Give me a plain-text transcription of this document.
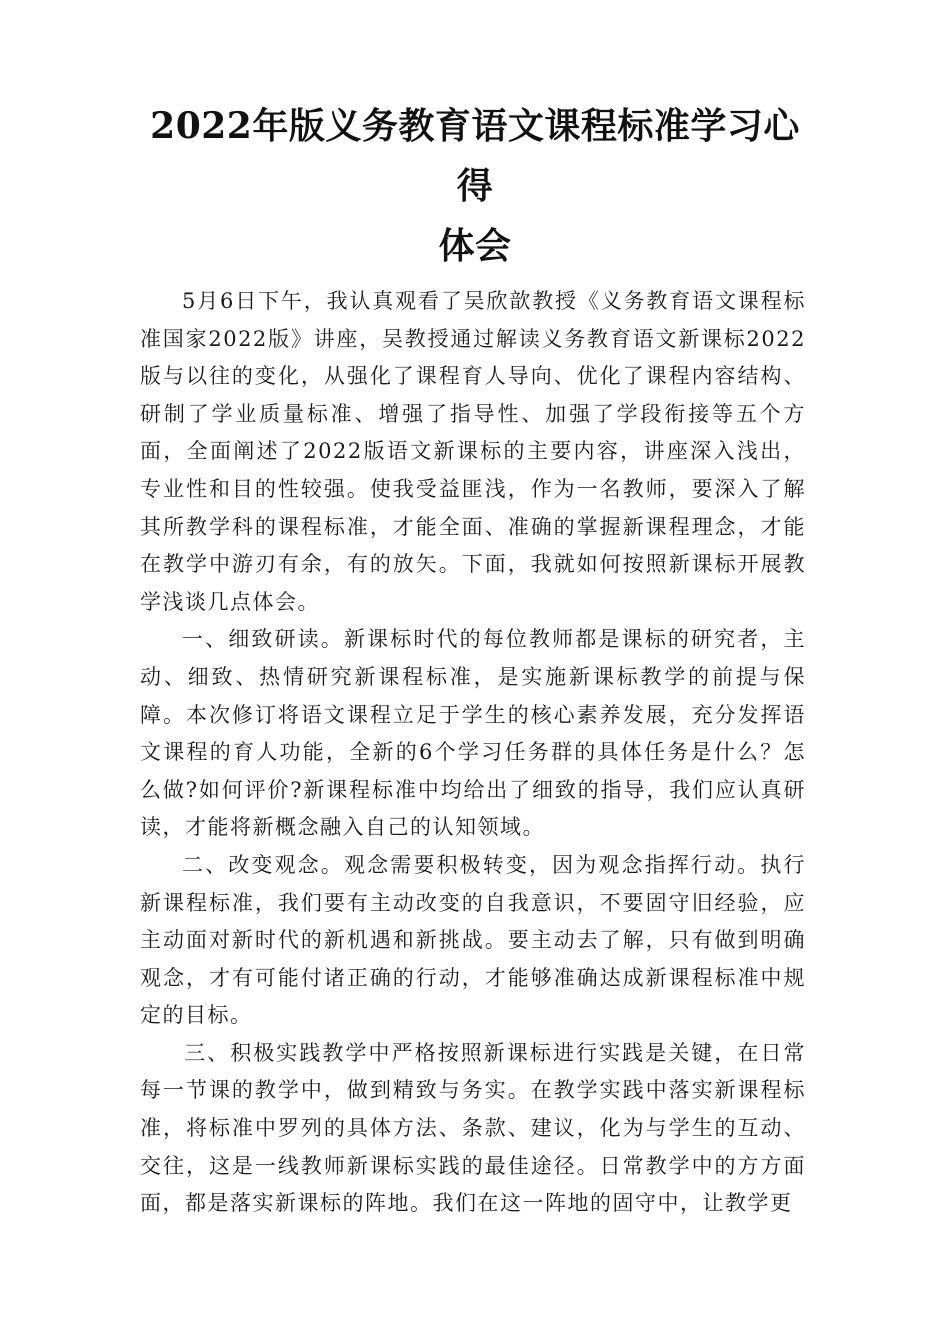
2022年版义务教育语文课程标准学习心得
体会

5月6日下午，我认真观看了吴欣歆教授《义务教育语文课程标准国家2022版》讲座，吴教授通过解读义务教育语文新课标2022版与以往的变化，从强化了课程育人导向、优化了课程内容结构、研制了学业质量标准、增强了指导性、加强了学段衔接等五个方面，全面阐述了2022版语文新课标的主要内容，讲座深入浅出，专业性和目的性较强。使我受益匪浅，作为一名教师，要深入了解其所教学科的课程标准，才能全面、准确的掌握新课程理念，才能在教学中游刃有余，有的放矢。下面，我就如何按照新课标开展教学浅谈几点体会。

一、细致研读。新课标时代的每位教师都是课标的研究者，主动、细致、热情研究新课程标准，是实施新课标教学的前提与保障。本次修订将语文课程立足于学生的核心素养发展，充分发挥语文课程的育人功能，全新的6个学习任务群的具体任务是什么？怎么做?如何评价?新课程标准中均给出了细致的指导，我们应认真研读，才能将新概念融入自己的认知领域。

二、改变观念。观念需要积极转变，因为观念指挥行动。执行新课程标准，我们要有主动改变的自我意识，不要固守旧经验，应主动面对新时代的新机遇和新挑战。要主动去了解，只有做到明确观念，才有可能付诸正确的行动，才能够准确达成新课程标准中规定的目标。

三、积极实践教学中严格按照新课标进行实践是关键，在日常每一节课的教学中，做到精致与务实。在教学实践中落实新课程标准，将标准中罗列的具体方法、条款、建议，化为与学生的互动、交往，这是一线教师新课标实践的最佳途径。日常教学中的方方面面，都是落实新课标的阵地。我们在这一阵地的固守中，让教学更
